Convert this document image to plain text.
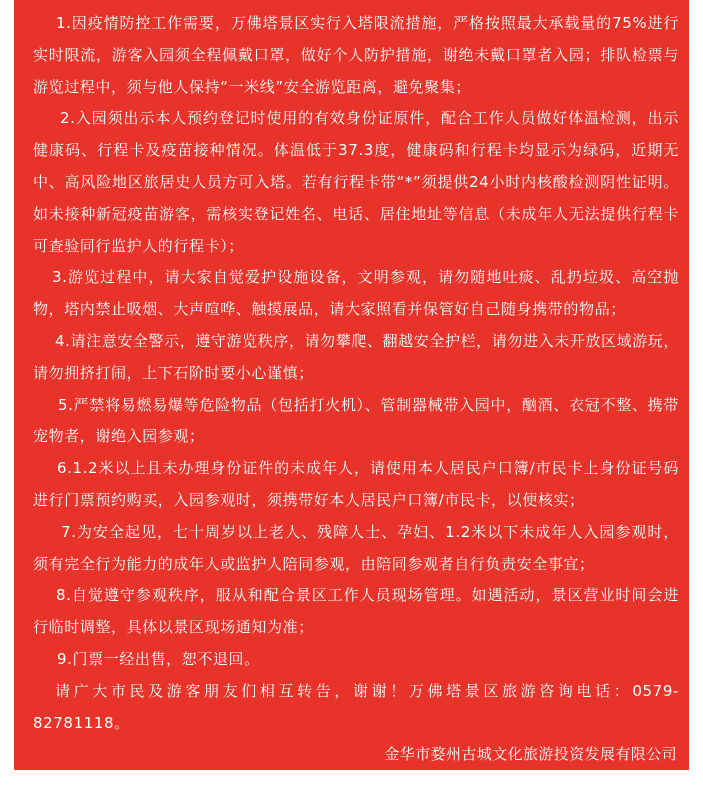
1.因疫情防控工作需要，万佛塔景区实行入塔限流措施，严格按照最大承载量的75%进行实时限流，游客入园须全程佩戴口罩，做好个人防护措施，谢绝未戴口罩者入园；排队检票与游览过程中，须与他人保持“一米线”安全游览距离，避免聚集；

2.入园须出示本人预约登记时使用的有效身份证原件，配合工作人员做好体温检测，出示健康码、行程卡及疫苗接种情况。体温低于37.3度，健康码和行程卡均显示为绿码，近期无中、高风险地区旅居史人员方可入塔。若有行程卡带“*”须提供24小时内核酸检测阴性证明。如未接种新冠疫苗游客，需核实登记姓名、电话、居住地址等信息（未成年人无法提供行程卡可查验同行监护人的行程卡）；

3.游览过程中，请大家自觉爱护设施设备，文明参观，请勿随地吐痰、乱扔垃圾、高空抛物，塔内禁止吸烟、大声喧哗、触摸展品，请大家照看并保管好自己随身携带的物品；

4.请注意安全警示，遵守游览秩序，请勿攀爬、翻越安全护栏，请勿进入未开放区域游玩，请勿拥挤打闹，上下石阶时要小心谨慎；

5.严禁将易燃易爆等危险物品（包括打火机）、管制器械带入园中，酗酒、衣冠不整、携带宠物者，谢绝入园参观；

6.1.2米以上且未办理身份证件的未成年人，请使用本人居民户口簿/市民卡上身份证号码进行门票预约购买，入园参观时，须携带好本人居民户口簿/市民卡，以便核实；

7.为安全起见，七十周岁以上老人、残障人士、孕妇、1.2米以下未成年人入园参观时，须有完全行为能力的成年人或监护人陪同参观，由陪同参观者自行负责安全事宜；

8.自觉遵守参观秩序，服从和配合景区工作人员现场管理。如遇活动，景区营业时间会进行临时调整，具体以景区现场通知为准；

9.门票一经出售，恕不退回。

请广大市民及游客朋友们相互转告，谢谢！万佛塔景区旅游咨询电话：0579-82781118。

金华市婺州古城文化旅游投资发展有限公司

2022年2月14日
